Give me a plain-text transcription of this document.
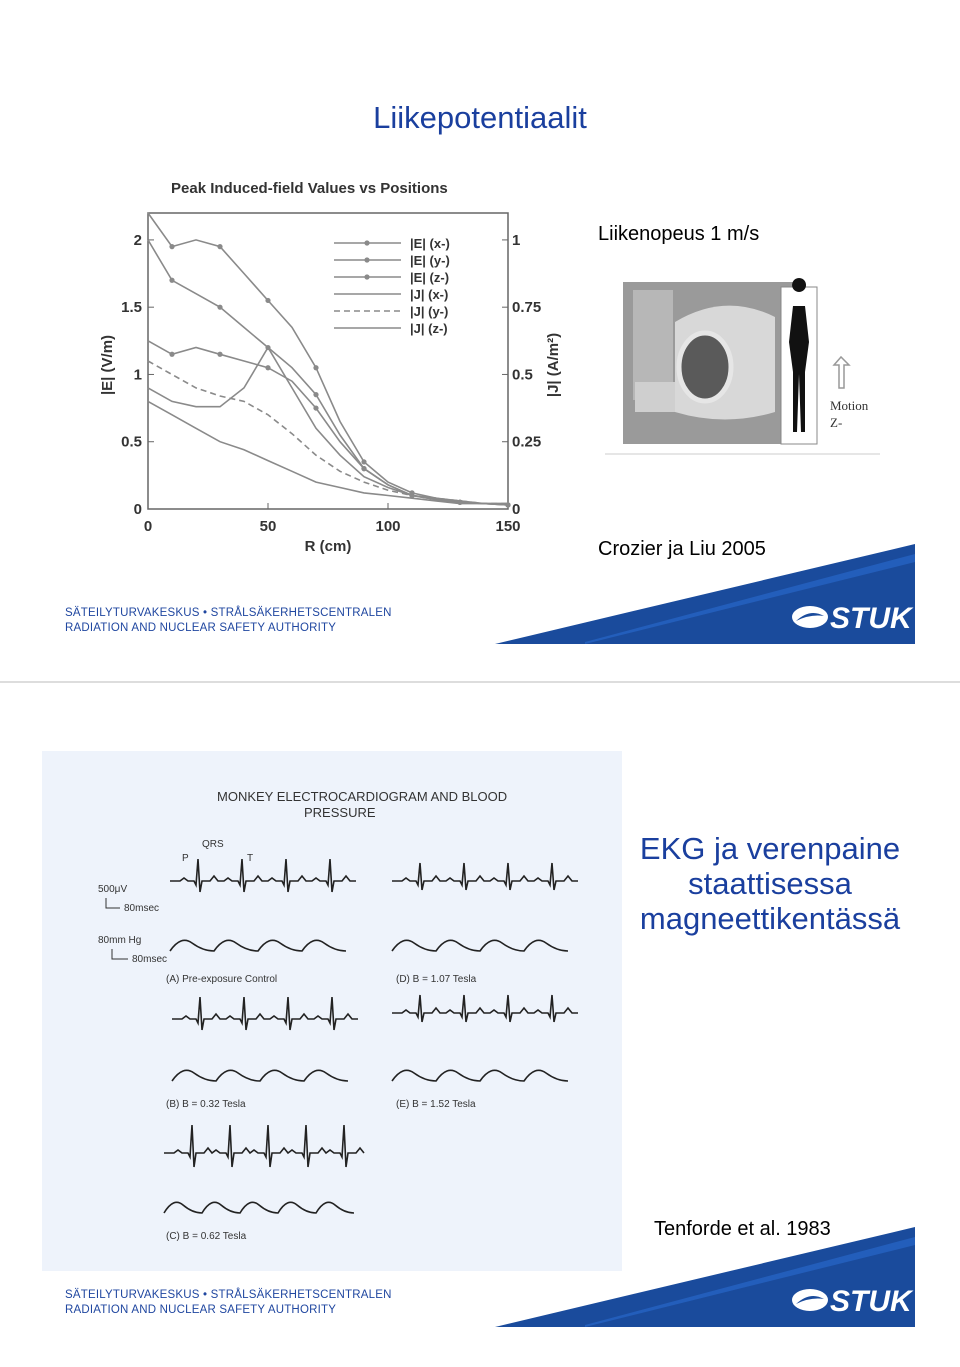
Liikepotentiaalit
Peak Induced-field Values vs Positions
0	50	100	150
0
0.5
1
1.5
2
0
0.25
0.5
0.75
1
|E| (x-)
|E| (y-)
|E| (z-)
|J| (x-)
|J| (y-)
|J| (z-)
R (cm)
|E| (V/m)	|J| (A/m²)
Liikenopeus 1 m/s
Motion
Z-
Crozier ja Liu 2005
SÄTEILYTURVAKESKUS • STRÅLSÄKERHETSCENTRALEN
RADIATION AND NUCLEAR SAFETY AUTHORITY	STUK
MONKEY ELECTROCARDIOGRAM AND BLOOD
PRESSURE
QRS
P	T
500μV
80msec
80mm Hg
80msec
(A) Pre-exposure Control
(B) B = 0.32 Tesla
(C) B = 0.62 Tesla
(D) B = 1.07 Tesla
(E) B = 1.52 Tesla
EKG ja verenpaine
staattisessa
magneettikentässä
Tenforde et al. 1983
SÄTEILYTURVAKESKUS • STRÅLSÄKERHETSCENTRALEN
RADIATION AND NUCLEAR SAFETY AUTHORITY	STUK
